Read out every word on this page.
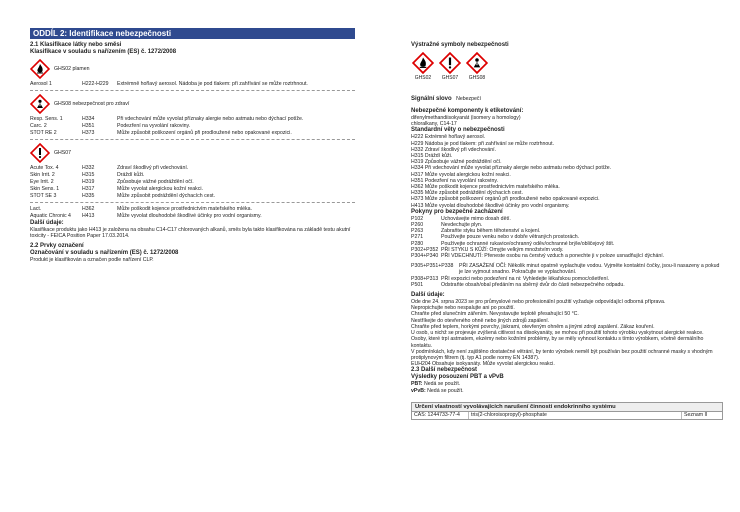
ODDÍL 2: Identifikace nebezpečnosti
2.1 Klasifikace látky nebo směsi
Klasifikace v souladu s nařízením (ES) č. 1272/2008
GHS02 plamen
Aerosol 1	H222-H229	Extrémně hořlavý aerosol. Nádoba je pod tlakem: při zahřívání se může roztrhnout.
GHS08 nebezpečnost pro zdraví
Resp. Sens. 1	H334	Při vdechování může vyvolat příznaky alergie nebo astmatu nebo dýchací potíže.
Carc. 2	H351	Podezření na vyvolání rakoviny.
STOT RE 2	H373	Může způsobit poškození orgánů při prodloužené nebo opakované expozici.
GHS07
Acute Tox. 4	H332	Zdraví škodlivý při vdechování.
Skin Irrit. 2	H315	Dráždí kůži.
Eye Irrit. 2	H319	Způsobuje vážné podráždění očí.
Skin Sens. 1	H317	Může vyvolat alergickou kožní reakci.
STOT SE 3	H335	Může způsobit podráždění dýchacích cest.
Lact.	H362	Může poškodit kojence prostřednictvím mateřského mléka.
Aquatic Chronic 4	H413	Může vyvolat dlouhodobé škodlivé účinky pro vodní organismy.
Další údaje:
Klasifikace produktu jako H413 je založena na obsahu C14-C17 chlorovaných alkanů, směs byla takto klasifikována na základě testu akutní toxicity - FEICA Position Paper 17.03.2014.
2.2 Prvky označení
Označování v souladu s nařízením (ES) č. 1272/2008
Produkt je klasifikován a označen podle nařízení CLP.
Výstražné symboly nebezpečnosti
GHS02 GHS07 GHS08
Signální slovo Nebezpečí
Nebezpečné komponenty k etiketování:
difenylmethandiisokyanát (isomery a homology)
chloralkany, C14-17
Standardní věty o nebezpečnosti
H222 Extrémně hořlavý aerosol.
H229 Nádoba je pod tlakem: při zahřívání se může roztrhnout.
H332 Zdraví škodlivý při vdechování.
H315 Dráždí kůži.
H319 Způsobuje vážné podráždění očí.
H334 Při vdechování může vyvolat příznaky alergie nebo astmatu nebo dýchací potíže.
H317 Může vyvolat alergickou kožní reakci.
H351 Podezření na vyvolání rakoviny.
H362 Může poškodit kojence prostřednictvím mateřského mléka.
H335 Může způsobit podráždění dýchacích cest.
H373 Může způsobit poškození orgánů při prodloužené nebo opakované expozici.
H413 Může vyvolat dlouhodobé škodlivé účinky pro vodní organismy.
Pokyny pro bezpečné zacházení
P102	Uchovávejte mimo dosah dětí.
P260	Nevdechujte plyn.
P263	Zabraňte styku během těhotenství a kojení.
P271	Používejte pouze venku nebo v dobře větraných prostorách.
P280	Používejte ochranné rukavice/ochranný oděv/ochranné brýle/obličejový štít.
P302+P352 PŘI STYKU S KŮŽÍ: Omyjte velkým množstvím vody.
P304+P340 PŘI VDECHNUTÍ: Přeneste osobu na čerstvý vzduch a ponechte ji v poloze usnadňující dýchání.
P305+P351+P338	PŘI ZASAŽENÍ OČÍ: Několik minut opatrně vyplachujte vodou. Vyjměte kontaktní čočky, jsou-li nasazeny a pokud je lze vyjmout snadno. Pokračujte ve vyplachování.
P308+P313 PŘI expozici nebo podezření na ni: Vyhledejte lékařskou pomoc/ošetření.
P501	Odstraňte obsah/obal předáním na sběrný dvůr do části nebezpečného odpadu.
Další údaje:
Ode dne 24. srpna 2023 se pro průmyslové nebo profesionální použití vyžaduje odpovídající odborná příprava.
Nepropichujte nebo nespalujte ani po použití.
Chraňte před slunečním zářením. Nevystavujte teplotě přesahující 50 °C.
Nestříkejte do otevřeného ohně nebo jiných zdrojů zapálení.
Chraňte před teplem, horkými povrchy, jiskrami, otevřeným ohněm a jinými zdroji zapálení. Zákaz kouření.
U osob, u nichž se projevuje zvýšená citlivost na diisokyanáty, se mohou při použití tohoto výrobku vyskytnout alergické reakce.
Osoby, které trpí astmatem, ekzémy nebo kožními problémy, by se měly vyhnout kontaktu s tímto výrobkem, včetně dermálního kontaktu.
V podmínkách, kdy není zajištěno dostatečné větrání, by tento výrobek neměl být používán bez použití ochranné masky s vhodným protiplynovým filtrem (tj. typ A1 podle normy EN 14387).
EUH204 Obsahuje isokyanáty. Může vyvolat alergickou reakci.
2.3 Další nebezpečnost
Výsledky posouzení PBT a vPvB
PBT: Nedá se použít.
vPvB: Nedá se použít.
Určení vlastností vyvolávajících narušení činnosti endokrinního systému
CAS: 1244733-77-4	tris(2-chloroisopropyl)-phosphate	Seznam II
